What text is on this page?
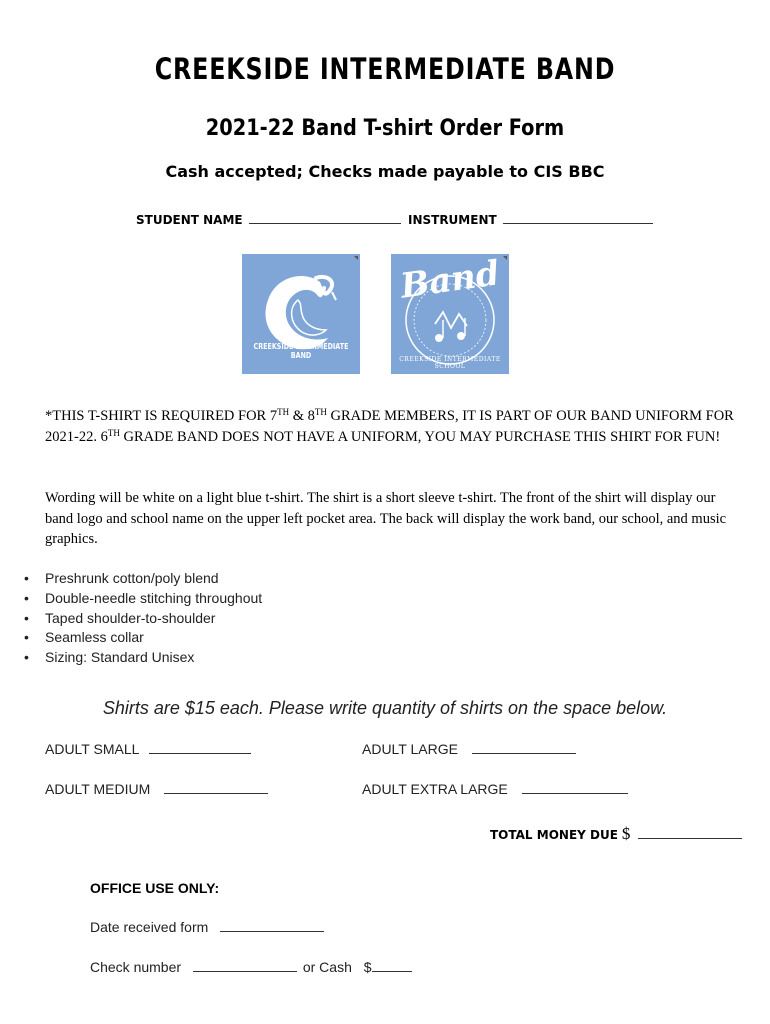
CREEKSIDE INTERMEDIATE BAND
2021-22 Band T-shirt Order Form
Cash accepted; Checks made payable to CIS BBC
STUDENT NAME	INSTRUMENT
CREEKSIDE INTERMEDIATE BAND
Band
CREEKSIDE INTERMEDIATE SCHOOL
*THIS T-SHIRT IS REQUIRED FOR 7TH & 8TH GRADE MEMBERS, IT IS PART OF OUR BAND UNIFORM FOR 2021-22. 6TH GRADE BAND DOES NOT HAVE A UNIFORM, YOU MAY PURCHASE THIS SHIRT FOR FUN!
Wording will be white on a light blue t-shirt. The shirt is a short sleeve t-shirt. The front of the shirt will display our band logo and school name on the upper left pocket area. The back will display the work band, our school, and music graphics.
• Preshrunk cotton/poly blend
• Double-needle stitching throughout
• Taped shoulder-to-shoulder
• Seamless collar
• Sizing: Standard Unisex
Shirts are $15 each. Please write quantity of shirts on the space below.
ADULT SMALL	ADULT LARGE
ADULT MEDIUM	ADULT EXTRA LARGE
TOTAL MONEY DUE $
OFFICE USE ONLY:
Date received form
Check number	or Cash $
